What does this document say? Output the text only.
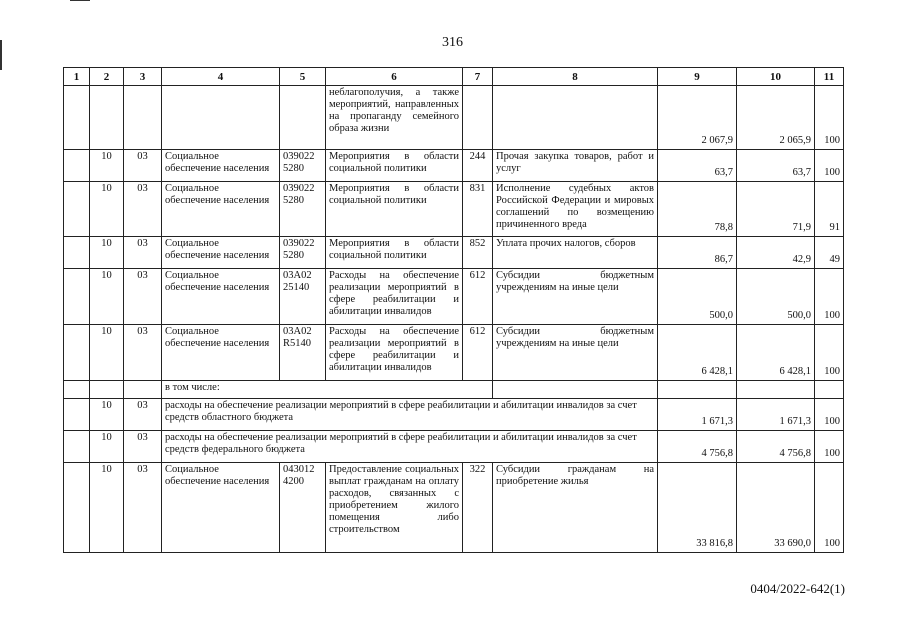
316
1	2	3	4	5	6	7	8	9	10	11
					неблагополучия, а также мероприятий, направленных на пропаганду семейного образа жизни			2 067,9	2 065,9	100
	10	03	Социальное обеспечение населения	039022 5280	Мероприятия в области социальной политики	244	Прочая закупка товаров, работ и услуг	63,7	63,7	100
	10	03	Социальное обеспечение населения	039022 5280	Мероприятия в области социальной политики	831	Исполнение судебных актов Российской Федерации и мировых соглашений по возмещению причиненного вреда	78,8	71,9	91
	10	03	Социальное обеспечение населения	039022 5280	Мероприятия в области социальной политики	852	Уплата прочих налогов, сборов	86,7	42,9	49
	10	03	Социальное обеспечение населения	03А02 25140	Расходы на обеспечение реализации мероприятий в сфере реабилитации и абилитации инвалидов	612	Субсидии бюджетным учреждениям на иные цели	500,0	500,0	100
	10	03	Социальное обеспечение населения	03А02 R5140	Расходы на обеспечение реализации мероприятий в сфере реабилитации и абилитации инвалидов	612	Субсидии бюджетным учреждениям на иные цели	6 428,1	6 428,1	100
			в том числе:							
	10	03	расходы на обеспечение реализации мероприятий в сфере реабилитации и абилитации инвалидов за счет средств областного бюджета					1 671,3	1 671,3	100
	10	03	расходы на обеспечение реализации мероприятий в сфере реабилитации и абилитации инвалидов за счет средств федерального бюджета					4 756,8	4 756,8	100
	10	03	Социальное обеспечение населения	043012 4200	Предоставление социальных выплат гражданам на оплату расходов, связанных с приобретением жилого помещения либо строительством	322	Субсидии гражданам на приобретение жилья	33 816,8	33 690,0	100
0404/2022-642(1)
